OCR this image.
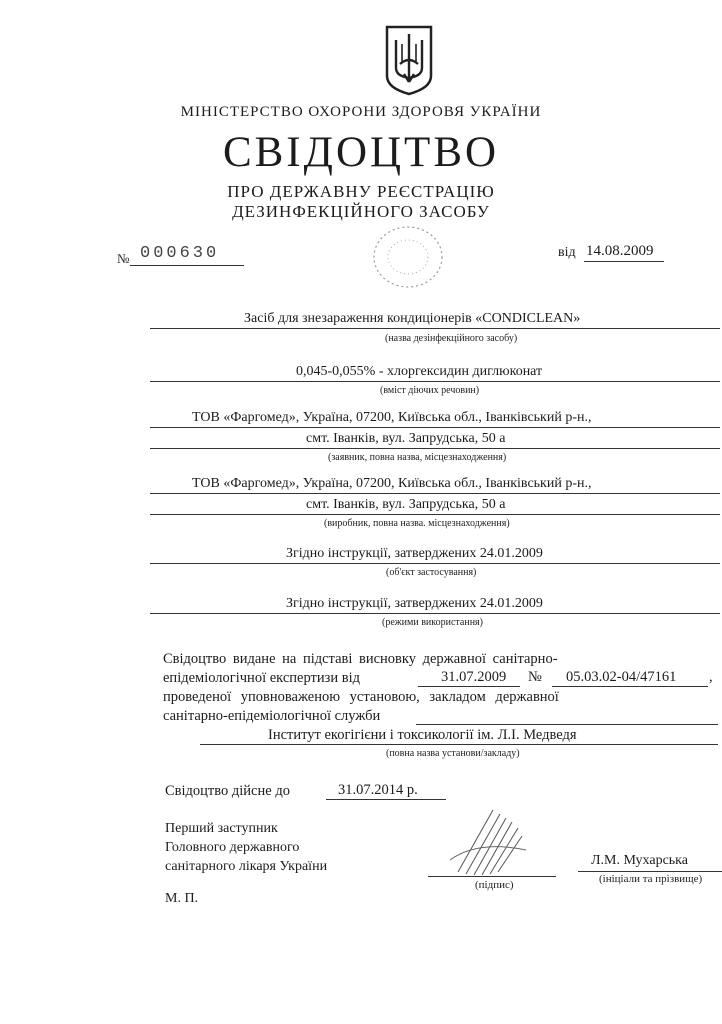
МІНІСТЕРСТВО ОХОРОНИ ЗДОРОВЯ УКРАЇНИ
СВІДОЦТВО
ПРО ДЕРЖАВНУ РЕЄСТРАЦІЮ
ДЕЗИНФЕКЦІЙНОГО ЗАСОБУ
№ 000630	від 14.08.2009
Засіб для знезараження кондиціонерів «CONDICLEAN»
(назва дезінфекційного засобу)
0,045-0,055% - хлоргексидин диглюконат
(вміст діючих речовин)
ТОВ «Фаргомед», Україна, 07200, Київська обл., Іванківський р-н.,
смт. Іванків, вул. Запрудська, 50 а
(заявник, повна назва, місцезнаходження)
ТОВ «Фаргомед», Україна, 07200, Київська обл., Іванківський р-н.,
смт. Іванків, вул. Запрудська, 50 а
(виробник, повна назва. місцезнаходження)
Згідно інструкції, затверджених 24.01.2009
(об'єкт застосування)
Згідно інструкції, затверджених 24.01.2009
(режими використання)
Свідоцтво видане на підставі висновку державної санітарно-
епідеміологічної експертизи від	31.07.2009 № 05.03.02-04/47161 ,
проведеної уповноваженою установою, закладом державної
санітарно-епідеміологічної служби
Інститут екогігієни і токсикології ім. Л.І. Медведя
(повна назва установи/закладу)
Свідоцтво дійсне до	31.07.2014 р.
Перший заступник
Головного державного
санітарного лікаря України
(підпис)
Л.М. Мухарська
(ініціали та прізвище)
М. П.
